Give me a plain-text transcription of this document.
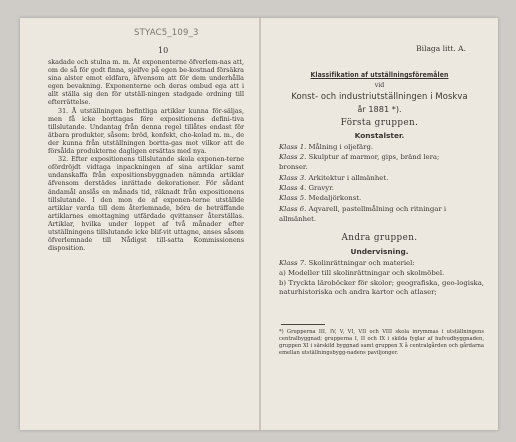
STYAC5_109_3
10

skadade och stulna m. m. Åt exponenterne öfverlem-nas att, om de så för godt finna, sjelfve på egen be-kostnad försäkra sina alster emot eldfara, äfvensom att för dem underhålla egen bevakning. Exponenterne och deras ombud ega att i allt ställa sig den för utställ-ningen stadgade ordning till efterrättelse.

31. Å utställningen befintliga artiklar kunna för-säljas, men få icke borttagas före expositionens defini-tiva tillslutande. Undantag från denna regel tillåtes endast för ätbara produkter, såsom: bröd, konfekt, cho-kolad m. m., de der kunna från utställningen bortta-gas mot vilkor att de försålda produkterne dagligen ersättas med nya.

32. Efter expositionens tillslutande skola exponen-terne ofördröjdt vidtaga inpackningen af sina artiklar samt undanskaffa från expositionsbyggnaden nämnda artiklar äfvensom derstädes inrättade dekorationer. För sådant ändamål anslås en månads tid, räknadt från expositionens tillslutande. I den mon de af exponen-terne utställde artiklar varda till dem återlemnade, böra de beträffande artiklarnes emottagning utfärdade qvittanser återställas. Artiklar, hvilka under loppet af två månader efter utställningens tillslutande icke blif-vit uttagne, anses såsom öfverlemnade till Nådigst till-satta Kommissionens disposition.

Bilaga litt. A.
Klassifikation af utställningsföremålen
vid
Konst- och industriutställningen i Moskva
år 1881 *).
Första gruppen.
Konstalster.
Klass 1. Målning i oljefärg.
Klass 2. Skulptur af marmor, gips, bränd lera;
bronser.
Klass 3. Arkitektur i allmänhet.
Klass 4. Gravyr.
Klass 5. Medaljörkonst.
Klass 6. Aqvarell, pastellmålning och ritningar i
allmänhet.
Andra gruppen.
Undervisning.
Klass 7. Skolinrättningar och materiel:
a) Modeller till skolinrättningar och skolmöbel.
b) Tryckta läroböcker för skolor; geografiska, geo-logiska, naturhistoriska och andra kartor och atlaser;
*) Grupperna III, IV, V, VI, VII och VIII skola inrymmas i utställningens centralbyggnad; grupperna I, II och IX i skilda fyglar af hufvudbyggnaden, gruppen XI i särskild byggnad samt gruppen X å centralgården och gårdarna emellan utställningsbygg-nadens paviljonger.
